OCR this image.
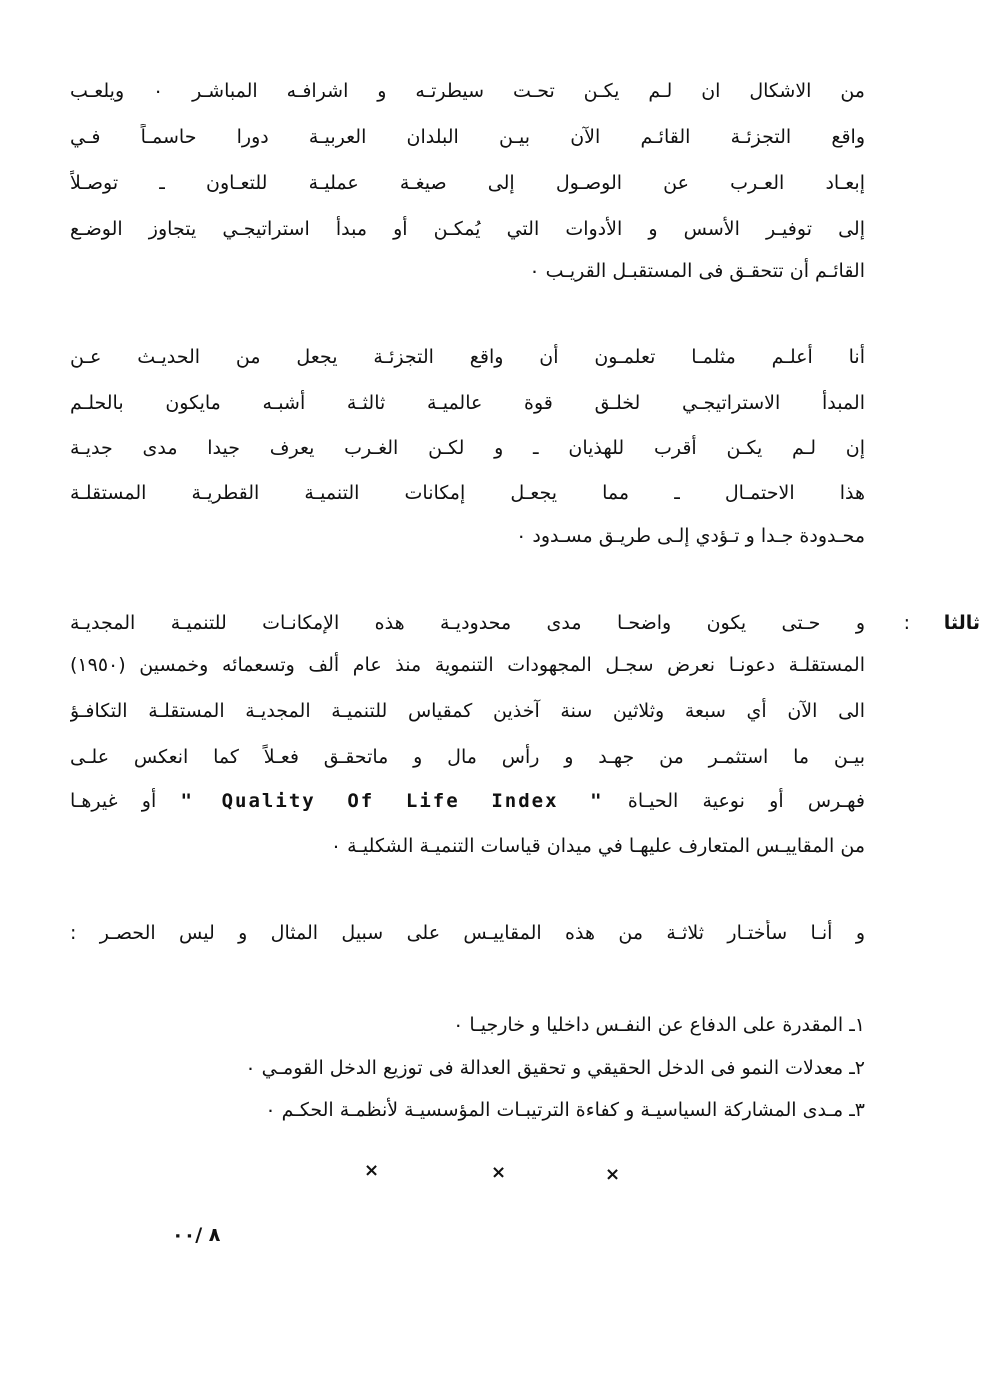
من الاشكال ان لـم يكـن تحـت سيطرتـه و اشرافـه المباشـر ٠ ويلعـب
واقع التجزئـة القائـم الآن بيـن البلدان العربيـة دورا حاسمـاً فـي
إبعـاد العـرب عن الوصـول إلى صيغـة عمليـة للتعـاون ـ توصـلاً
إلى توفيـر الأسس و الأدوات التي يُمكـن أو مبدأ استراتيجـي يتجاوز الوضـع
القائـم أن تتحقـق فى المستقبـل القريـب ٠
أنا أعلـم مثلمـا تعلمـون أن واقع التجزئـة يجعل من الحديـث عـن
المبدأ الاستراتيجـي لخلـق قوة عالميـة ثالثـة أشبـه مايكون بالحلـم
إن لـم يكـن أقرب للهذيان ـ و لكـن الغـرب يعرف جيدا مدى جديـة
هذا الاحتمـال ـ مما يجعـل إمكانات التنميـة القطريـة المستقلـة
محـدودة جـدا و تـؤدي إلـى طريـق مسـدود ٠
ثالثا
:
و حـتى يكون واضحـا مدى محدوديـة هذه الإمكانـات للتنميـة المجديـة
المستقلـة دعونـا نعرض سجـل المجهودات التنموية منذ عام ألف وتسعمائه وخمسين (١٩٥٠)
الى الآن أي سبعة وثلاثين سنة آخذين كمقياس للتنميـة المجديـة المستقلـة التكافـؤ
بيـن ما استثمـر من جهـد و رأس مال و ماتحقـق فعـلاً كما انعكس علـى
فهـرس أو نوعية الحيـاة " Quality Of Life Index " أو غيرهـا
من المقاييـس المتعارف عليهـا في ميدان قياسات التنميـة الشكليـة ٠
و أنـا سأختـار ثلاثـة من هذه المقاييـس على سبيل المثال و ليس الحصـر :
١ـ المقدرة على الدفاع عن النفـس داخليا و خارجيـا ٠
٢ـ معدلات النمو فى الدخل الحقيقي و تحقيق العدالة فى توزيع الدخل القومـي ٠
٣ـ مـدى المشاركة السياسيـة و كفاءة الترتيبـات المؤسسيـة لأنظمـة الحكـم ٠
×	×	×
٨ /٠٠
